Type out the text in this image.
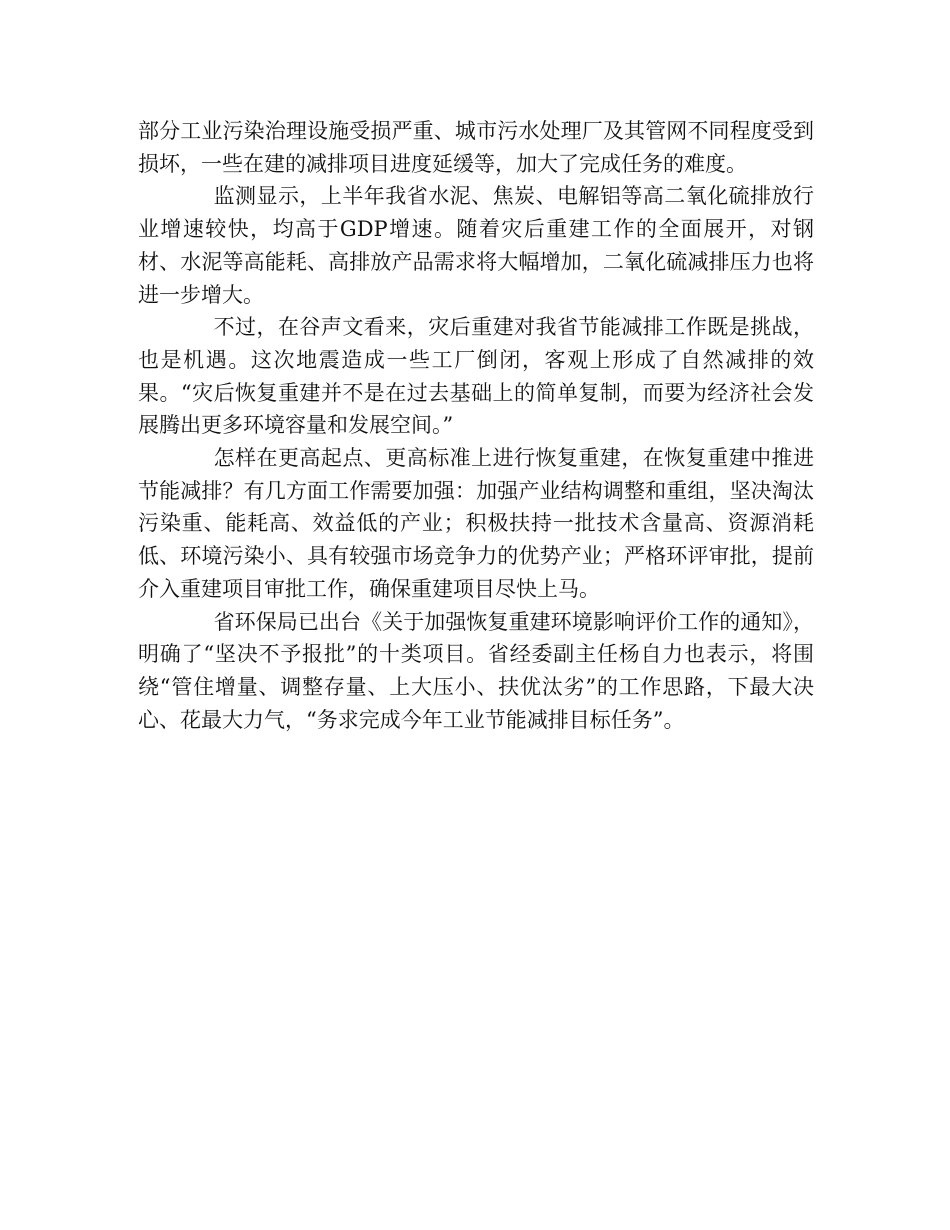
部分工业污染治理设施受损严重、城市污水处理厂及其管网不同程度受到损坏，一些在建的减排项目进度延缓等，加大了完成任务的难度。

监测显示，上半年我省水泥、焦炭、电解铝等高二氧化硫排放行业增速较快，均高于GDP增速。随着灾后重建工作的全面展开，对钢材、水泥等高能耗、高排放产品需求将大幅增加，二氧化硫减排压力也将进一步增大。

不过，在谷声文看来，灾后重建对我省节能减排工作既是挑战，也是机遇。这次地震造成一些工厂倒闭，客观上形成了自然减排的效果。“灾后恢复重建并不是在过去基础上的简单复制，而要为经济社会发展腾出更多环境容量和发展空间。”

怎样在更高起点、更高标准上进行恢复重建，在恢复重建中推进节能减排？有几方面工作需要加强：加强产业结构调整和重组，坚决淘汰污染重、能耗高、效益低的产业；积极扶持一批技术含量高、资源消耗低、环境污染小、具有较强市场竞争力的优势产业；严格环评审批，提前介入重建项目审批工作，确保重建项目尽快上马。

省环保局已出台《关于加强恢复重建环境影响评价工作的通知》，明确了“坚决不予报批”的十类项目。省经委副主任杨自力也表示，将围绕“管住增量、调整存量、上大压小、扶优汰劣”的工作思路，下最大决心、花最大力气，“务求完成今年工业节能减排目标任务”。
